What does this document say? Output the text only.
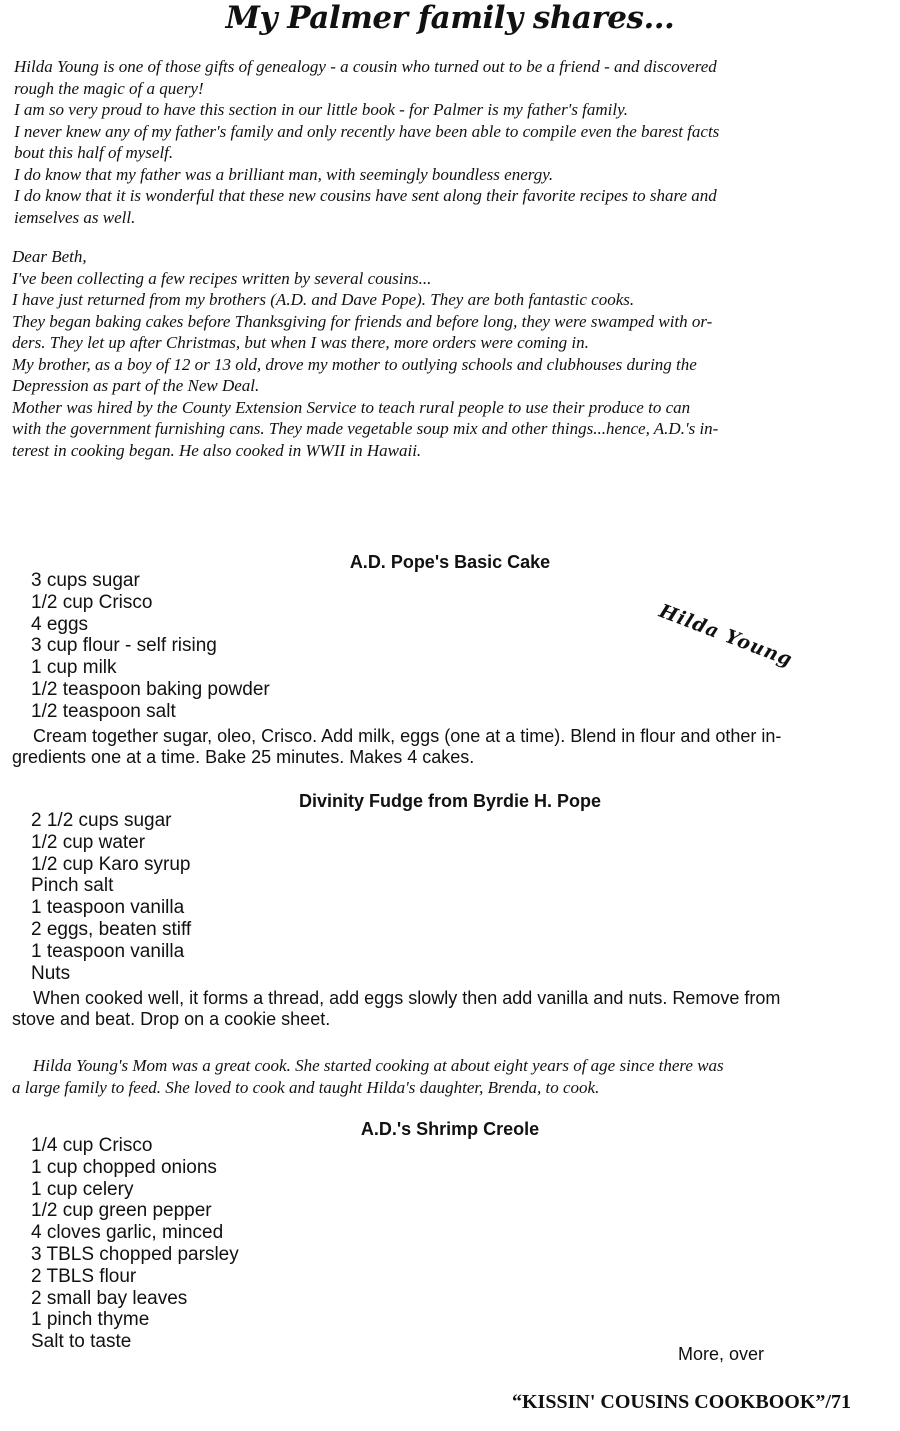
My Palmer family shares...
Hilda Young is one of those gifts of genealogy - a cousin who turned out to be a friend - and discovered
rough the magic of a query!
I am so very proud to have this section in our little book - for Palmer is my father's family.
I never knew any of my father's family and only recently have been able to compile even the barest facts
bout this half of myself.
I do know that my father was a brilliant man, with seemingly boundless energy.
I do know that it is wonderful that these new cousins have sent along their favorite recipes to share and
iemselves as well.
Dear Beth,
I've been collecting a few recipes written by several cousins...
I have just returned from my brothers (A.D. and Dave Pope). They are both fantastic cooks.
They began baking cakes before Thanksgiving for friends and before long, they were swamped with or-
ders. They let up after Christmas, but when I was there, more orders were coming in.
My brother, as a boy of 12 or 13 old, drove my mother to outlying schools and clubhouses during the
Depression as part of the New Deal.
Mother was hired by the County Extension Service to teach rural people to use their produce to can
with the government furnishing cans. They made vegetable soup mix and other things...hence, A.D.'s in-
terest in cooking began. He also cooked in WWII in Hawaii.
A.D. Pope's Basic Cake
3 cups sugar
1/2 cup Crisco
4 eggs
3 cup flour - self rising
1 cup milk
1/2 teaspoon baking powder
1/2 teaspoon salt
Cream together sugar, oleo, Crisco. Add milk, eggs (one at a time). Blend in flour and other in-
gredients one at a time. Bake 25 minutes. Makes 4 cakes.
Hilda Young
Divinity Fudge from Byrdie H. Pope
2 1/2 cups sugar
1/2 cup water
1/2 cup Karo syrup
Pinch salt
1 teaspoon vanilla
2 eggs, beaten stiff
1 teaspoon vanilla
Nuts
When cooked well, it forms a thread, add eggs slowly then add vanilla and nuts. Remove from
stove and beat. Drop on a cookie sheet.
Hilda Young's Mom was a great cook. She started cooking at about eight years of age since there was
a large family to feed. She loved to cook and taught Hilda's daughter, Brenda, to cook.
A.D.'s Shrimp Creole
1/4 cup Crisco
1 cup chopped onions
1 cup celery
1/2 cup green pepper
4 cloves garlic, minced
3 TBLS chopped parsley
2 TBLS flour
2 small bay leaves
1 pinch thyme
Salt to taste
More, over
“KISSIN' COUSINS COOKBOOK”/71
